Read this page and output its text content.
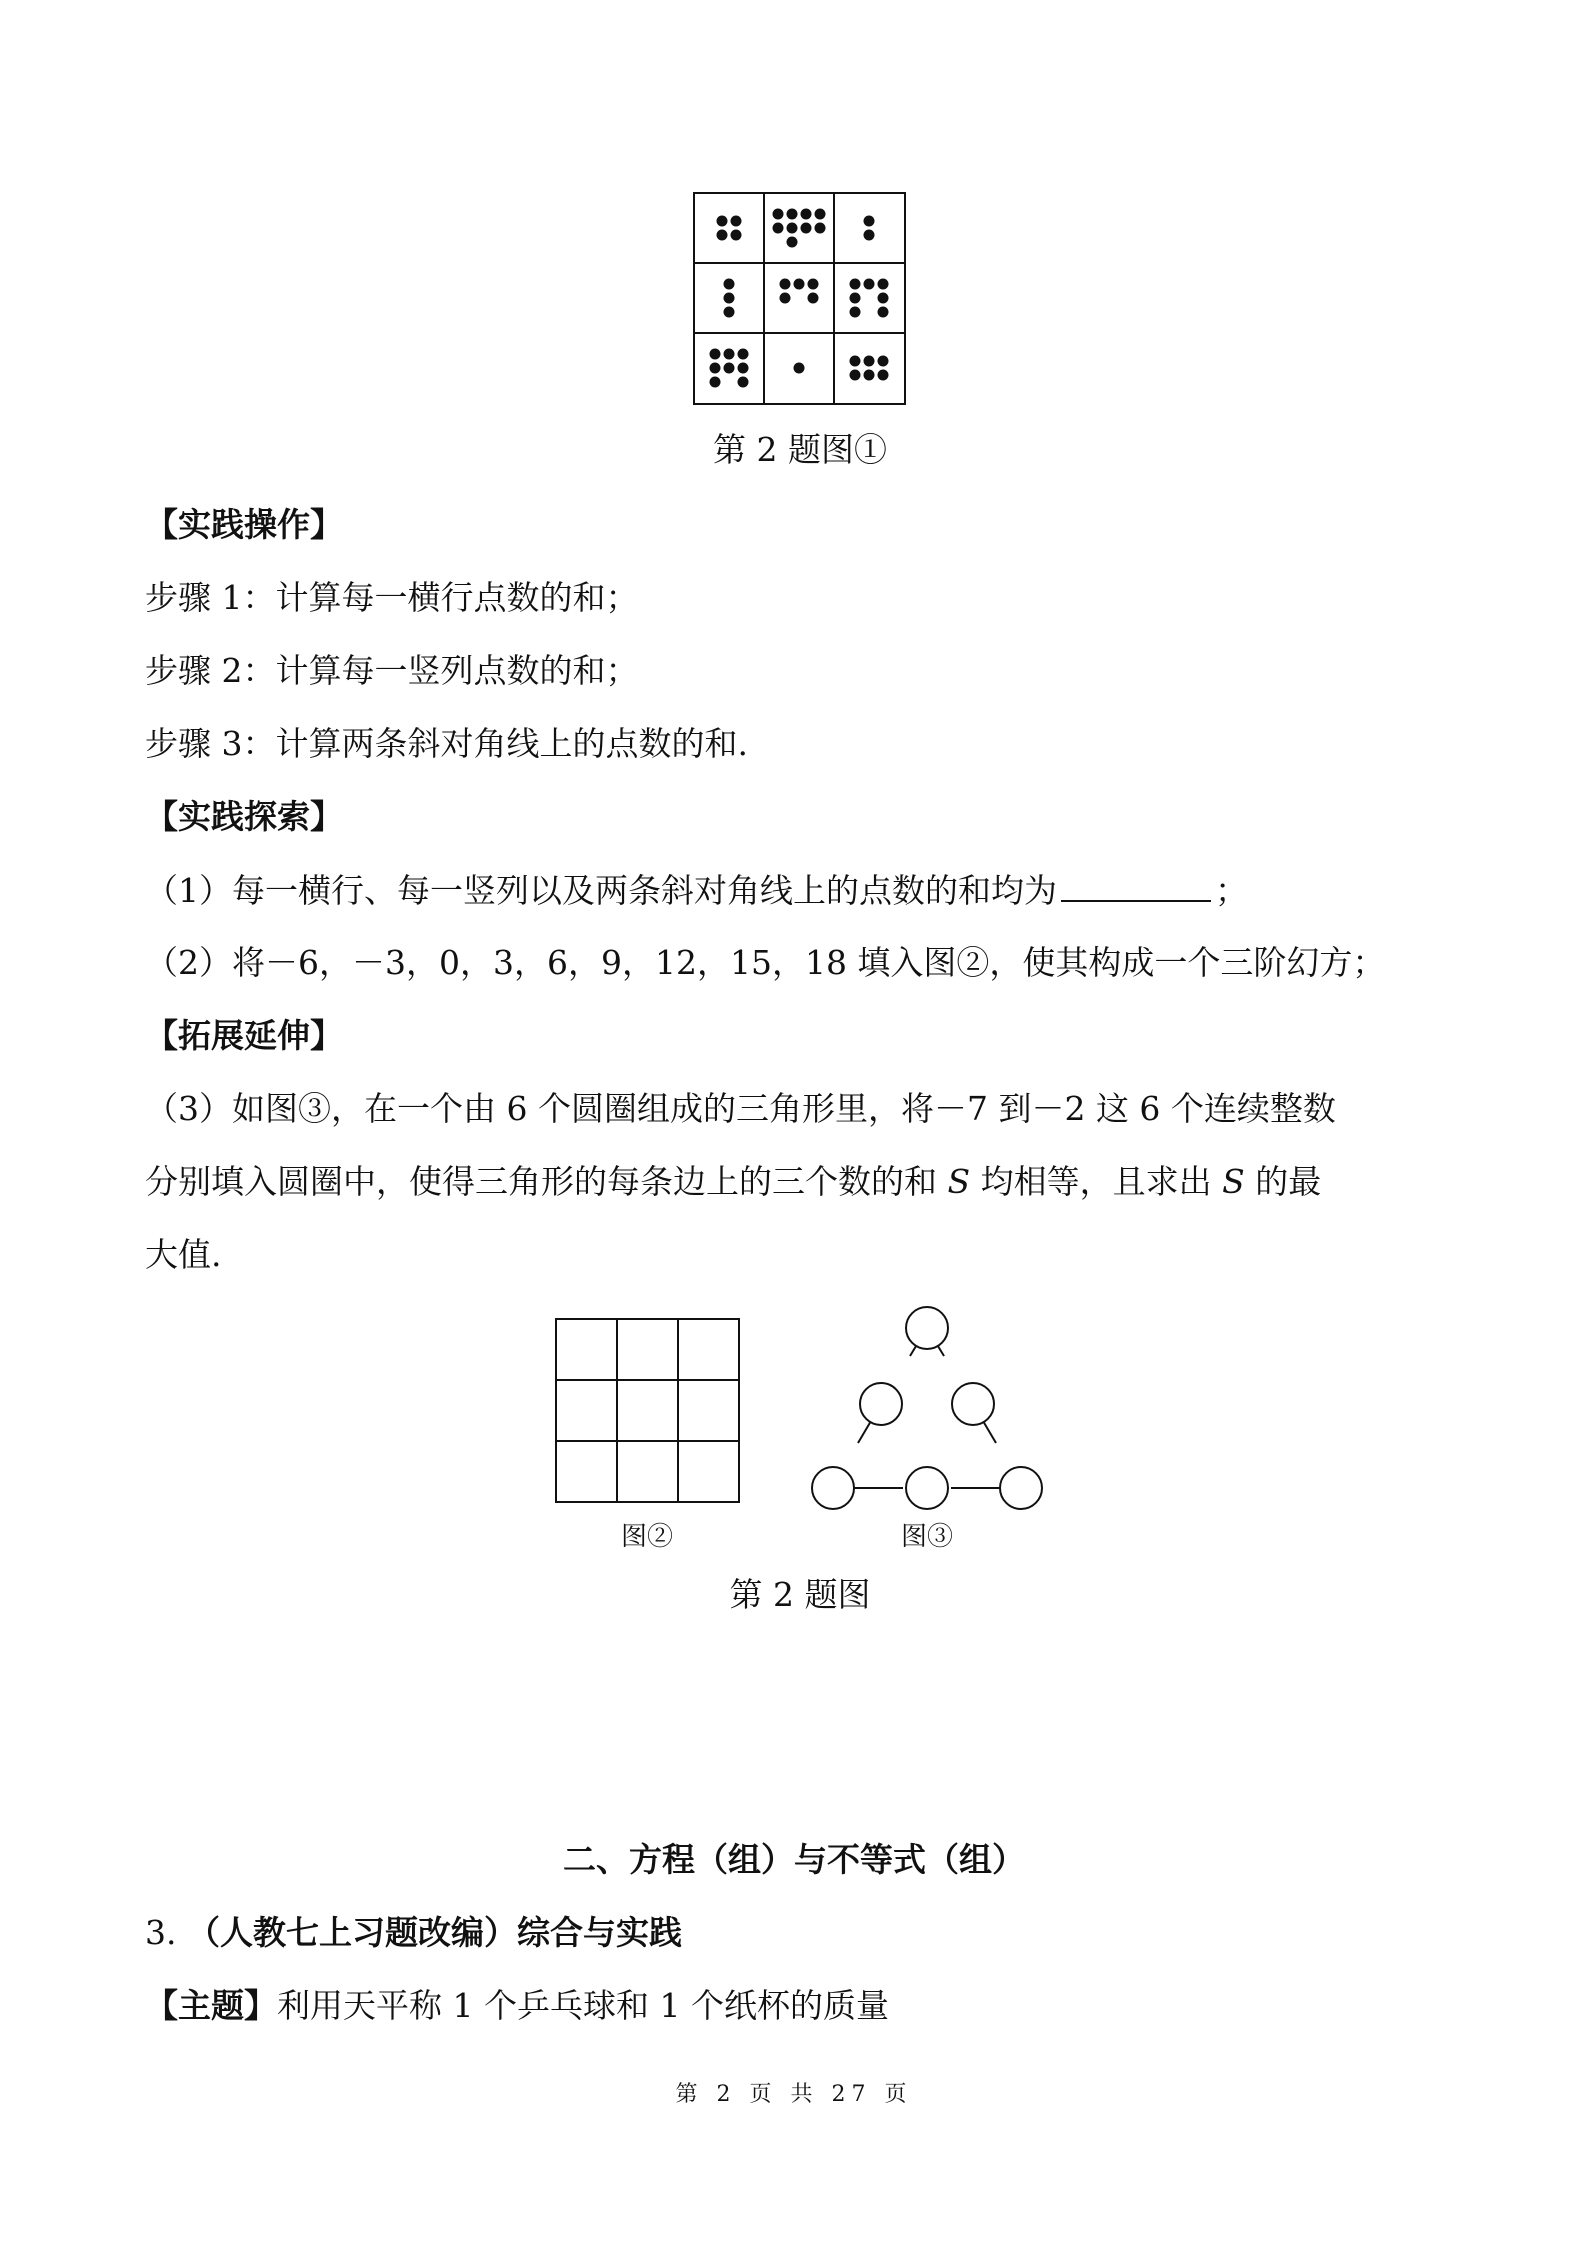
第 2 题图①
【实践操作】
步骤 1：计算每一横行点数的和；
步骤 2：计算每一竖列点数的和；
步骤 3：计算两条斜对角线上的点数的和.
【实践探索】
（1）每一横行、每一竖列以及两条斜对角线上的点数的和均为	；
（2）将－6，－3，0，3，6，9，12，15，18 填入图②，使其构成一个三阶幻方；
【拓展延伸】
（3）如图③，在一个由 6 个圆圈组成的三角形里，将－7 到－2 这 6 个连续整数
分别填入圆圈中，使得三角形的每条边上的三个数的和 S 均相等，且求出 S 的最
大值.
图②	图③
第 2 题图
二、方程（组）与不等式（组）
3. （人教七上习题改编）综合与实践
【主题】利用天平称 1 个乒乓球和 1 个纸杯的质量
第 2 页 共 27 页
